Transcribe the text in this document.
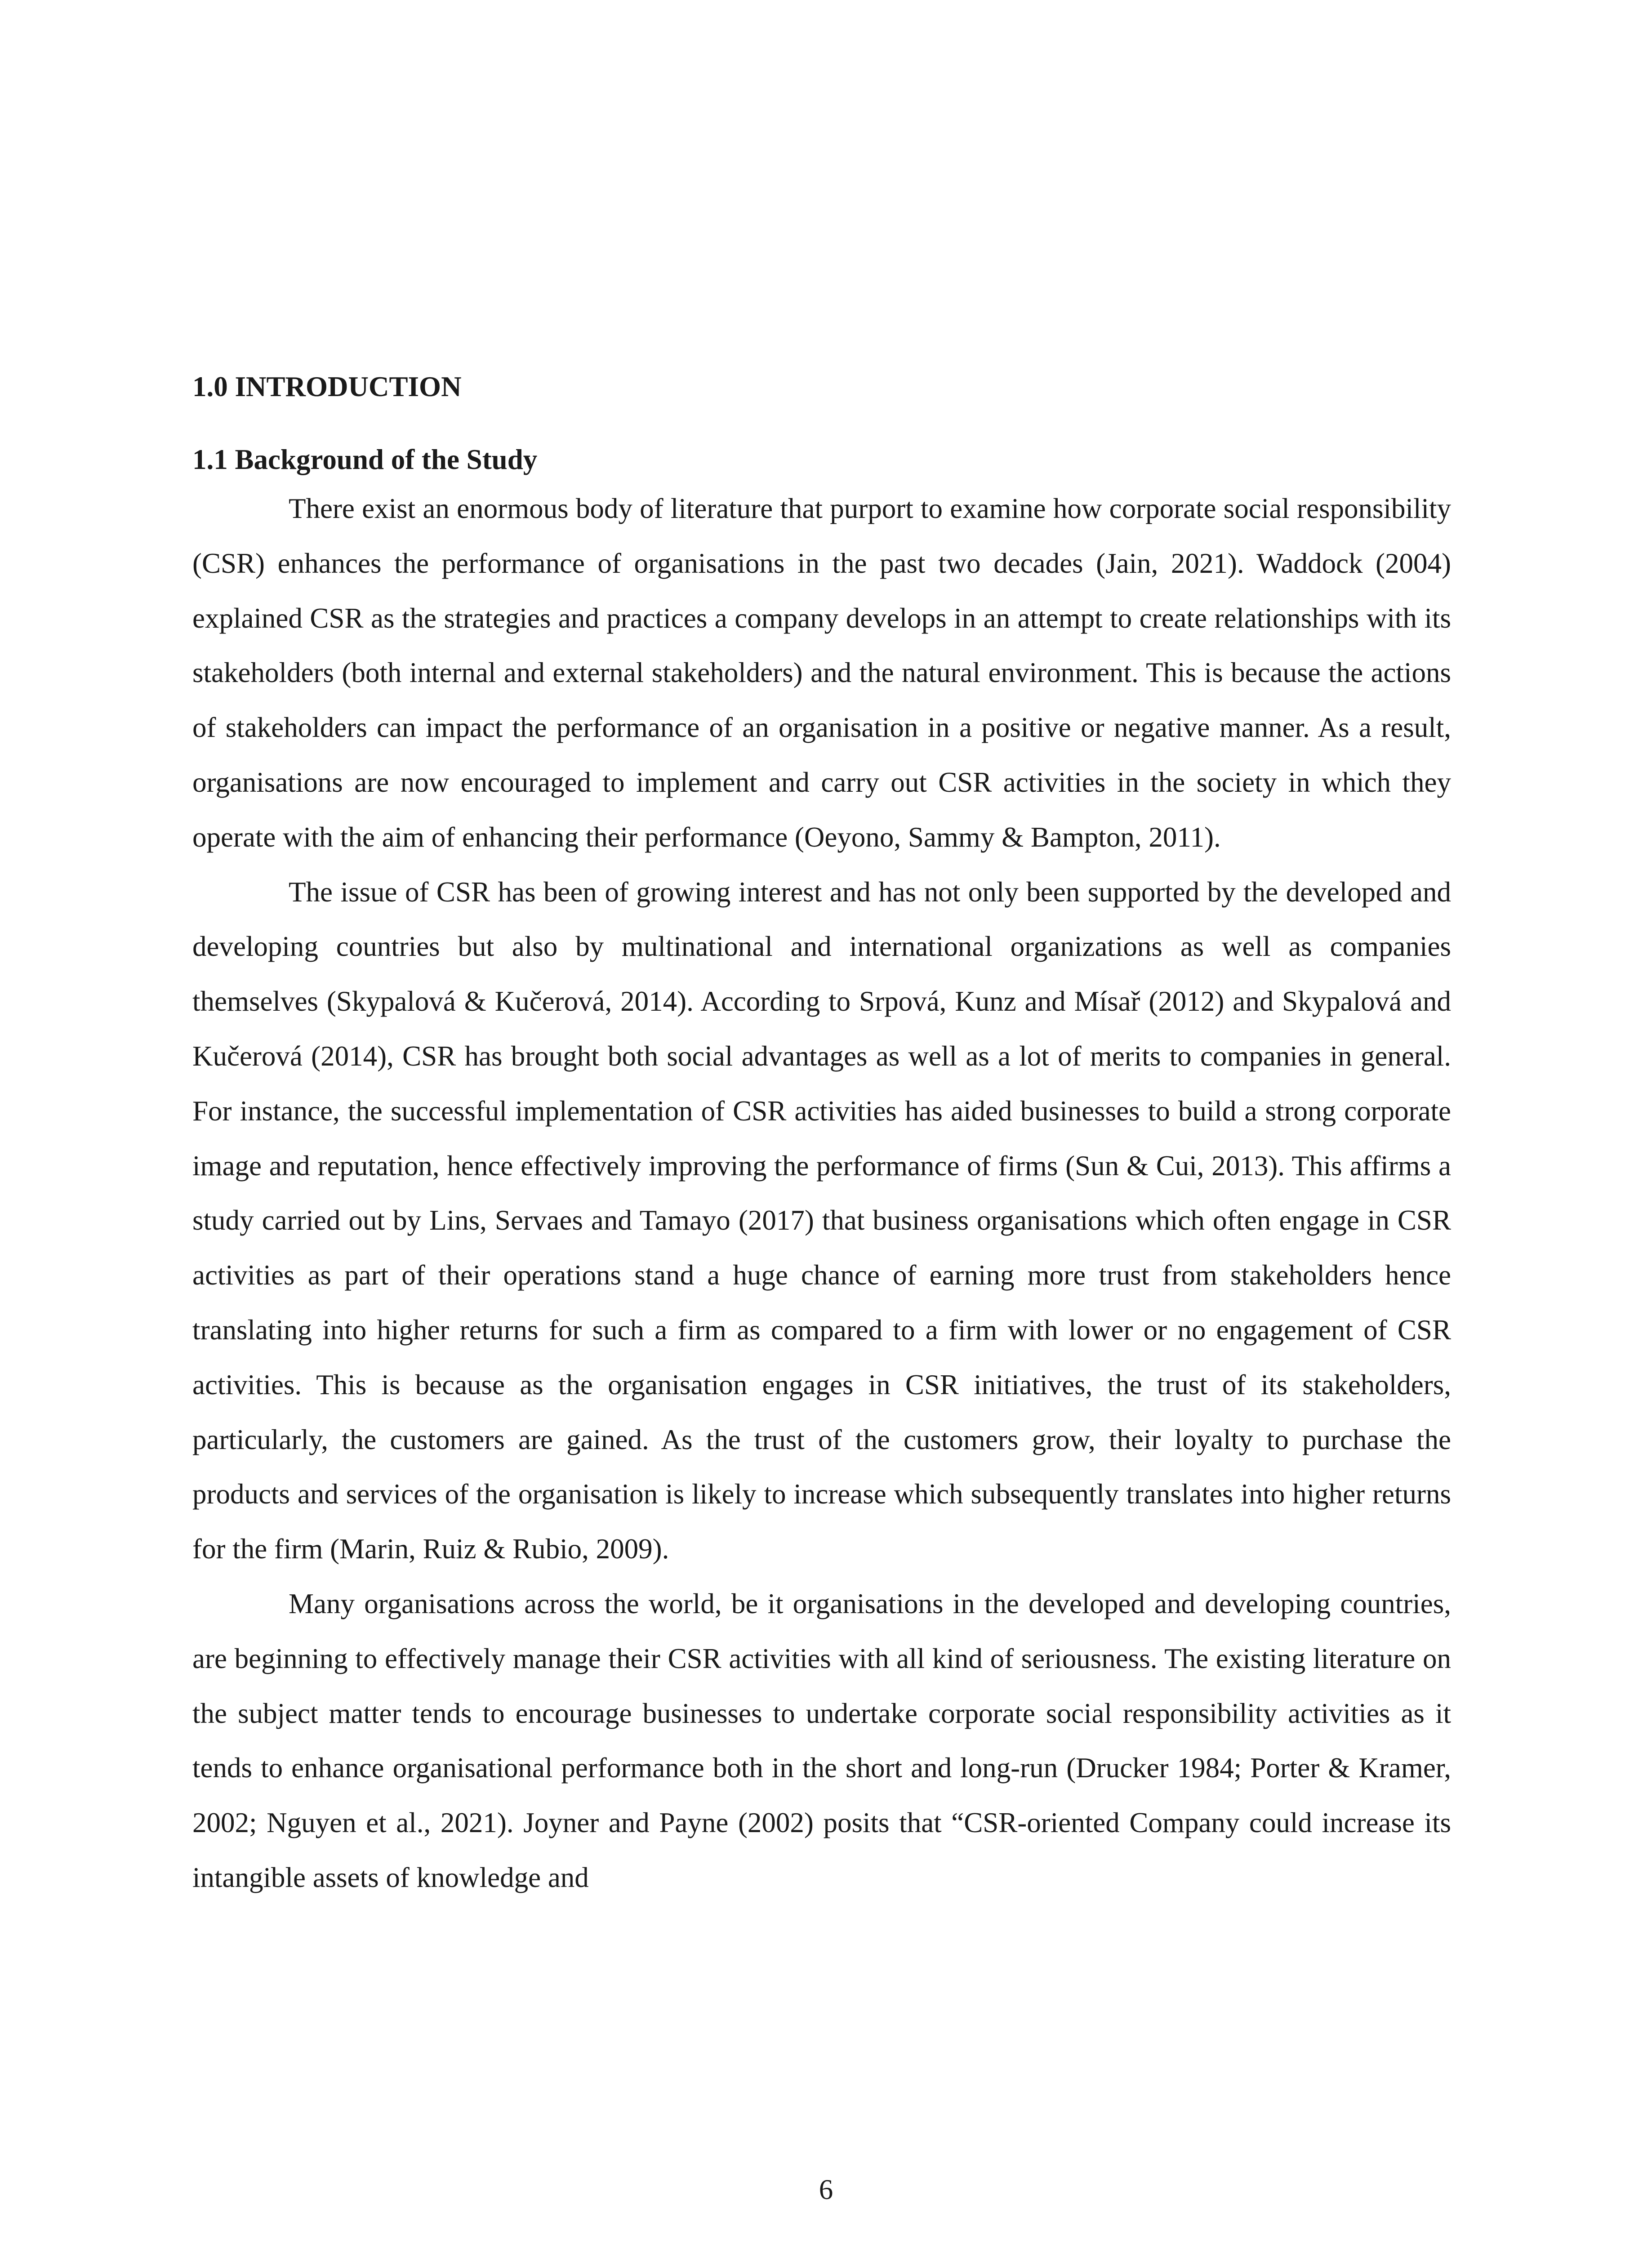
1.0 INTRODUCTION
1.1 Background of the Study

There exist an enormous body of literature that purport to examine how corporate social responsibility (CSR) enhances the performance of organisations in the past two decades (Jain, 2021). Waddock (2004) explained CSR as the strategies and practices a company develops in an attempt to create relationships with its stakeholders (both internal and external stakeholders) and the natural environment. This is because the actions of stakeholders can impact the performance of an organisation in a positive or negative manner. As a result, organisations are now encouraged to implement and carry out CSR activities in the society in which they operate with the aim of enhancing their performance (Oeyono, Sammy & Bampton, 2011).

The issue of CSR has been of growing interest and has not only been supported by the developed and developing countries but also by multinational and international organizations as well as companies themselves (Skypalová & Kučerová, 2014). According to Srpová, Kunz and Mísař (2012) and Skypalová and Kučerová (2014), CSR has brought both social advantages as well as a lot of merits to companies in general. For instance, the successful implementation of CSR activities has aided businesses to build a strong corporate image and reputation, hence effectively improving the performance of firms (Sun & Cui, 2013). This affirms a study carried out by Lins, Servaes and Tamayo (2017) that business organisations which often engage in CSR activities as part of their operations stand a huge chance of earning more trust from stakeholders hence translating into higher returns for such a firm as compared to a firm with lower or no engagement of CSR activities. This is because as the organisation engages in CSR initiatives, the trust of its stakeholders, particularly, the customers are gained. As the trust of the customers grow, their loyalty to purchase the products and services of the organisation is likely to increase which subsequently translates into higher returns for the firm (Marin, Ruiz & Rubio, 2009).

Many organisations across the world, be it organisations in the developed and developing countries, are beginning to effectively manage their CSR activities with all kind of seriousness. The existing literature on the subject matter tends to encourage businesses to undertake corporate social responsibility activities as it tends to enhance organisational performance both in the short and long-run (Drucker 1984; Porter & Kramer, 2002; Nguyen et al., 2021). Joyner and Payne (2002) posits that “CSR-oriented Company could increase its intangible assets of knowledge and

6
